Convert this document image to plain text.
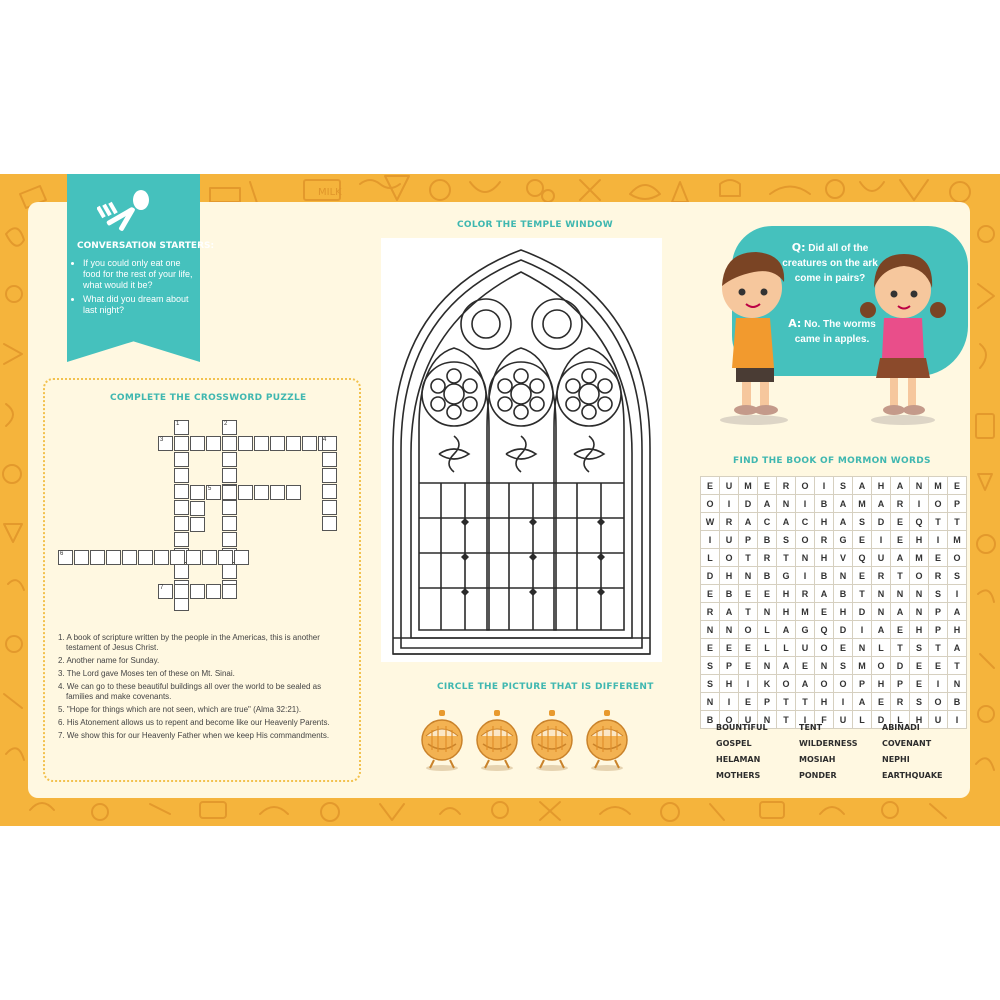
MILK
CONVERSATION STARTERS:
• If you could only eat one food for the rest of your life, what would it be?
• What did you dream about last night?
COMPLETE THE CROSSWORD PUZZLE
1. A book of scripture written by the people in the Americas, this is another testament of Jesus Christ.
2. Another name for Sunday.
3. The Lord gave Moses ten of these on Mt. Sinai.
4. We can go to these beautiful buildings all over the world to be sealed as families and make covenants.
5. "Hope for things which are not seen, which are true" (Alma 32:21).
6. His Atonement allows us to repent and become like our Heavenly Parents.
7. We show this for our Heavenly Father when we keep His commandments.
COLOR THE TEMPLE WINDOW
CIRCLE THE PICTURE THAT IS DIFFERENT
Q: Did all of the creatures on the ark come in pairs?
A: No. The worms came in apples.
FIND THE BOOK OF MORMON WORDS
E	U	M	E	R	O	I	S	A	H	A	N	M	E
O	I	D	A	N	I	B	A	M	A	R	I	O	P
W	R	A	C	A	C	H	A	S	D	E	Q	T	T
I	U	P	B	S	O	R	G	E	I	E	H	I	M
L	O	T	R	T	N	H	V	Q	U	A	M	E	O
D	H	N	B	G	I	B	N	E	R	T	O	R	S
E	B	E	E	H	R	A	B	T	N	N	N	S	I
R	A	T	N	H	M	E	H	D	N	A	N	P	A
N	N	O	L	A	G	Q	D	I	A	E	H	P	H
E	E	E	L	L	U	O	E	N	L	T	S	T	A
S	P	E	N	A	E	N	S	M	O	D	E	E	T
S	H	I	K	O	A	O	O	P	H	P	E	I	N
N	I	E	P	T	T	H	I	A	E	R	S	O	B
B	O	U	N	T	I	F	U	L	D	L	H	U	I
BOUNTIFUL
GOSPEL
HELAMAN
MOTHERS
TENT
WILDERNESS
MOSIAH
PONDER
ABINADI
COVENANT
NEPHI
EARTHQUAKE
1	2
3	4
5
6
7
